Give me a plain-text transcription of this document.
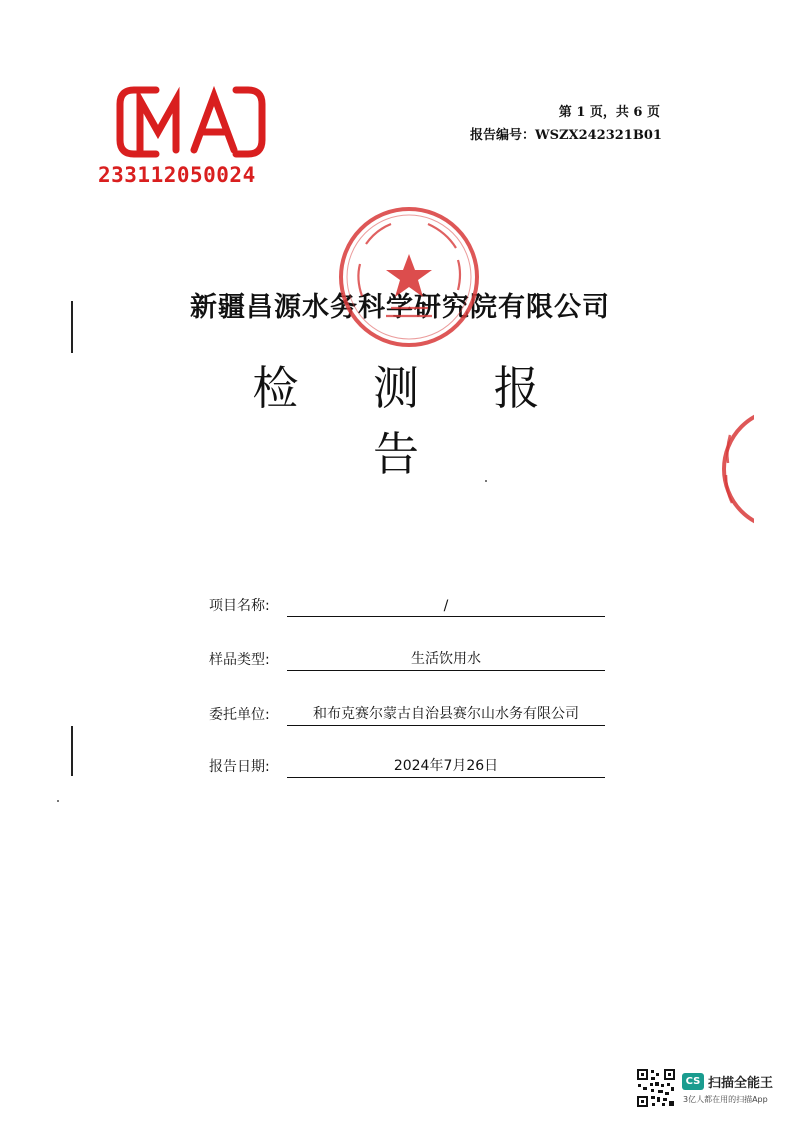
233112050024
第 1 页，共 6 页
报告编号：WSZX242321B01
新疆昌源水务科学研究院有限公司
检 测 报 告
项目名称:	/
样品类型:	生活饮用水
委托单位:	和布克赛尔蒙古自治县赛尔山水务有限公司
报告日期:	2024年7月26日
CS 扫描全能王
3亿人都在用的扫描App
